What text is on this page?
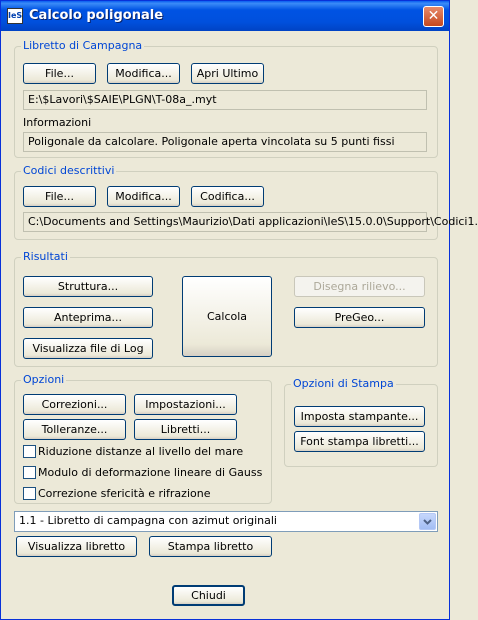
IeS Calcolo poligonale	✕
Libretto di Campagna
File...	Modifica...	Apri Ultimo
E:\$Lavori\$SAIE\PLGN\T-08a_.myt
Informazioni
Poligonale da calcolare. Poligonale aperta vincolata su 5 punti fissi
Codici descrittivi
File...	Modifica...	Codifica...
C:\Documents and Settings\Maurizio\Dati applicazioni\IeS\15.0.0\Support\Codici1.
Risultati
Struttura...
Anteprima...
Visualizza file di Log
Calcola
Disegna rilievo...
PreGeo...
Opzioni
Correzioni...	Impostazioni...
Tolleranze...	Libretti...
Riduzione distanze al livello del mare
Modulo di deformazione lineare di Gauss
Correzione sfericità e rifrazione
Opzioni di Stampa
Imposta stampante...
Font stampa libretti...
1.1 - Libretto di campagna con azimut originali
Visualizza libretto	Stampa libretto
Chiudi
